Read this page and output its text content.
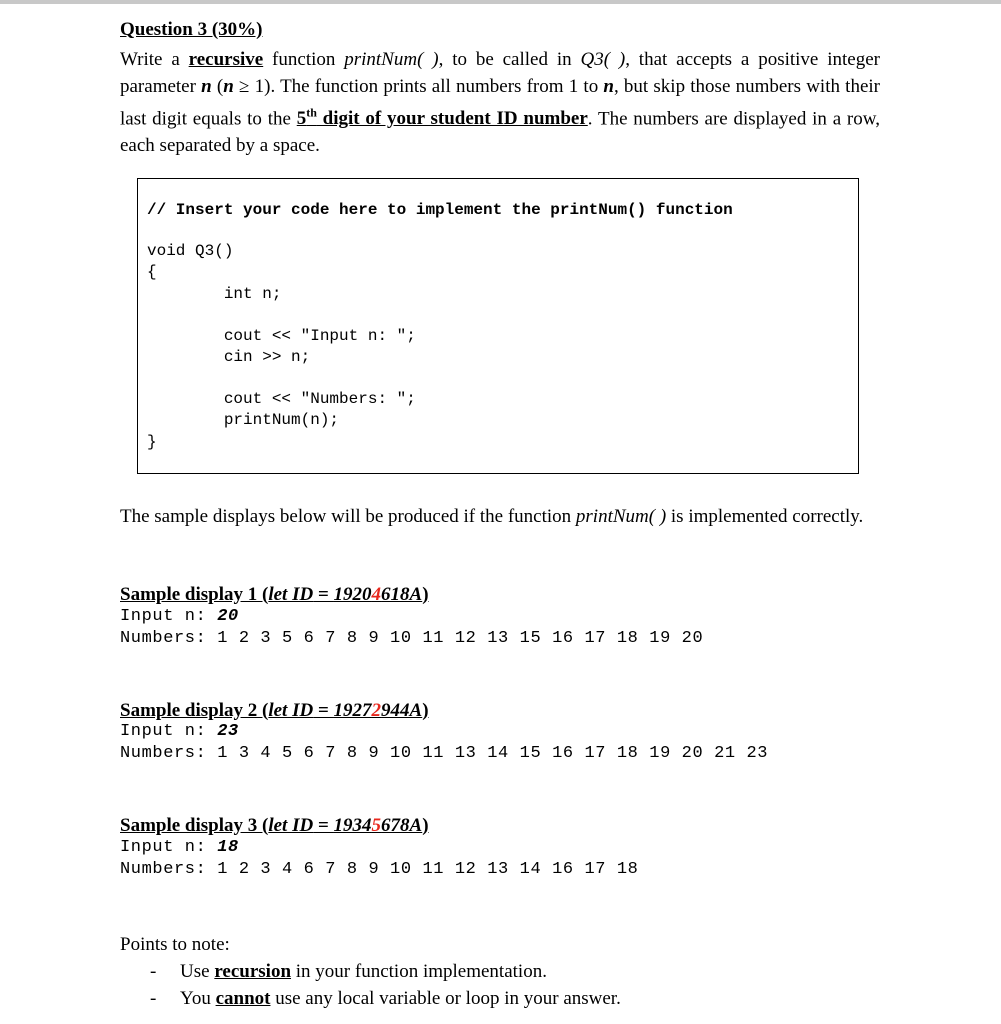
Question 3 (30%)
Write a recursive function printNum( ), to be called in Q3( ), that accepts a positive integer parameter n (n ≥ 1). The function prints all numbers from 1 to n, but skip those numbers with their last digit equals to the 5th digit of your student ID number. The numbers are displayed in a row, each separated by a space.
// Insert your code here to implement the printNum() function
void Q3()
{
int n;
cout << "Input n: ";
cin >> n;
cout << "Numbers: ";
printNum(n);
}
The sample displays below will be produced if the function printNum( ) is implemented correctly.
Sample display 1 (let ID = 19204618A)
Input n: 20
Numbers: 1 2 3 5 6 7 8 9 10 11 12 13 15 16 17 18 19 20
Sample display 2 (let ID = 19272944A)
Input n: 23
Numbers: 1 3 4 5 6 7 8 9 10 11 13 14 15 16 17 18 19 20 21 23
Sample display 3 (let ID = 19345678A)
Input n: 18
Numbers: 1 2 3 4 6 7 8 9 10 11 12 13 14 16 17 18
Points to note:
- Use recursion in your function implementation.
- You cannot use any local variable or loop in your answer.
